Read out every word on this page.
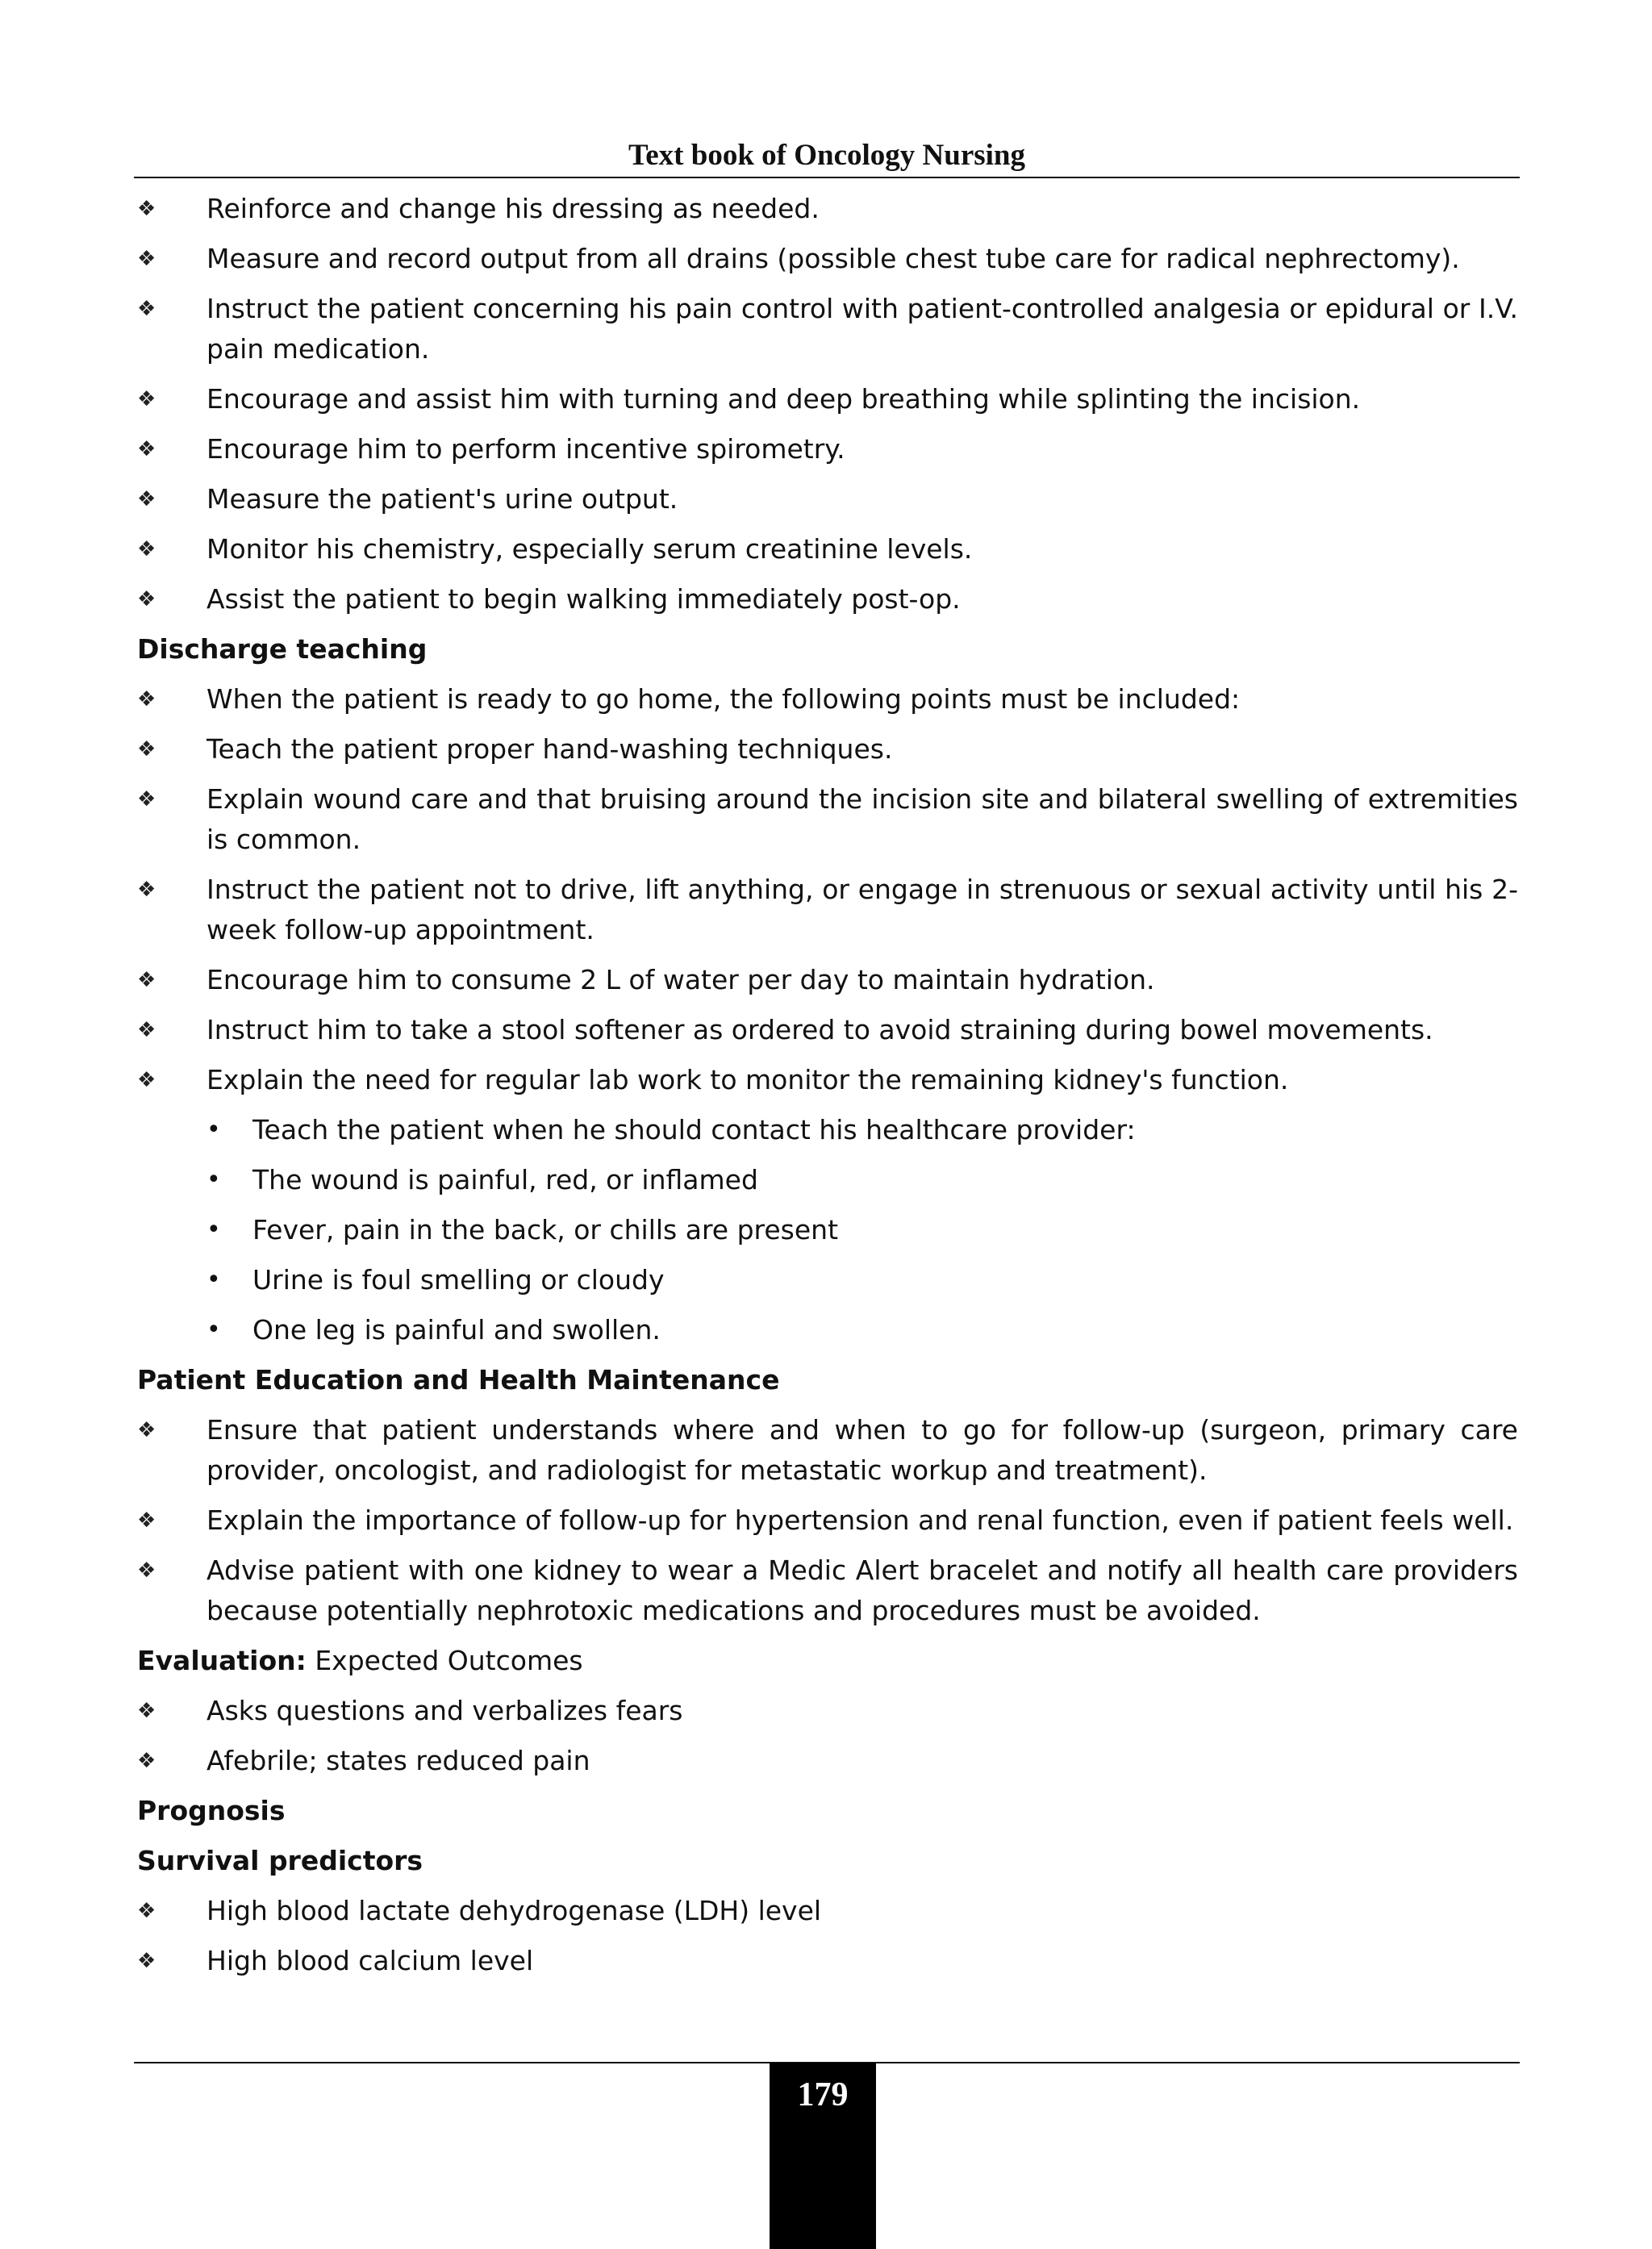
Text book of Oncology Nursing
❖	Reinforce and change his dressing as needed.
❖	Measure and record output from all drains (possible chest tube care for radical nephrectomy).
❖	Instruct the patient concerning his pain control with patient-controlled analgesia or epidural or I.V. pain medication.
❖	Encourage and assist him with turning and deep breathing while splinting the incision.
❖	Encourage him to perform incentive spirometry.
❖	Measure the patient's urine output.
❖	Monitor his chemistry, especially serum creatinine levels.
❖	Assist the patient to begin walking immediately post-op.
Discharge teaching
❖	When the patient is ready to go home, the following points must be included:
❖	Teach the patient proper hand-washing techniques.
❖	Explain wound care and that bruising around the incision site and bilateral swelling of extremities is common.
❖	Instruct the patient not to drive, lift anything, or engage in strenuous or sexual activity until his 2-week follow-up appointment.
❖	Encourage him to consume 2 L of water per day to maintain hydration.
❖	Instruct him to take a stool softener as ordered to avoid straining during bowel movements.
❖	Explain the need for regular lab work to monitor the remaining kidney's function.
• Teach the patient when he should contact his healthcare provider:
• The wound is painful, red, or inflamed
• Fever, pain in the back, or chills are present
• Urine is foul smelling or cloudy
• One leg is painful and swollen.
Patient Education and Health Maintenance
❖	Ensure that patient understands where and when to go for follow-up (surgeon, primary care provider, oncologist, and radiologist for metastatic workup and treatment).
❖	Explain the importance of follow-up for hypertension and renal function, even if patient feels well.
❖	Advise patient with one kidney to wear a Medic Alert bracelet and notify all health care providers because potentially nephrotoxic medications and procedures must be avoided.
Evaluation: Expected Outcomes
❖	Asks questions and verbalizes fears
❖	Afebrile; states reduced pain
Prognosis
Survival predictors
❖	High blood lactate dehydrogenase (LDH) level
❖	High blood calcium level
179
